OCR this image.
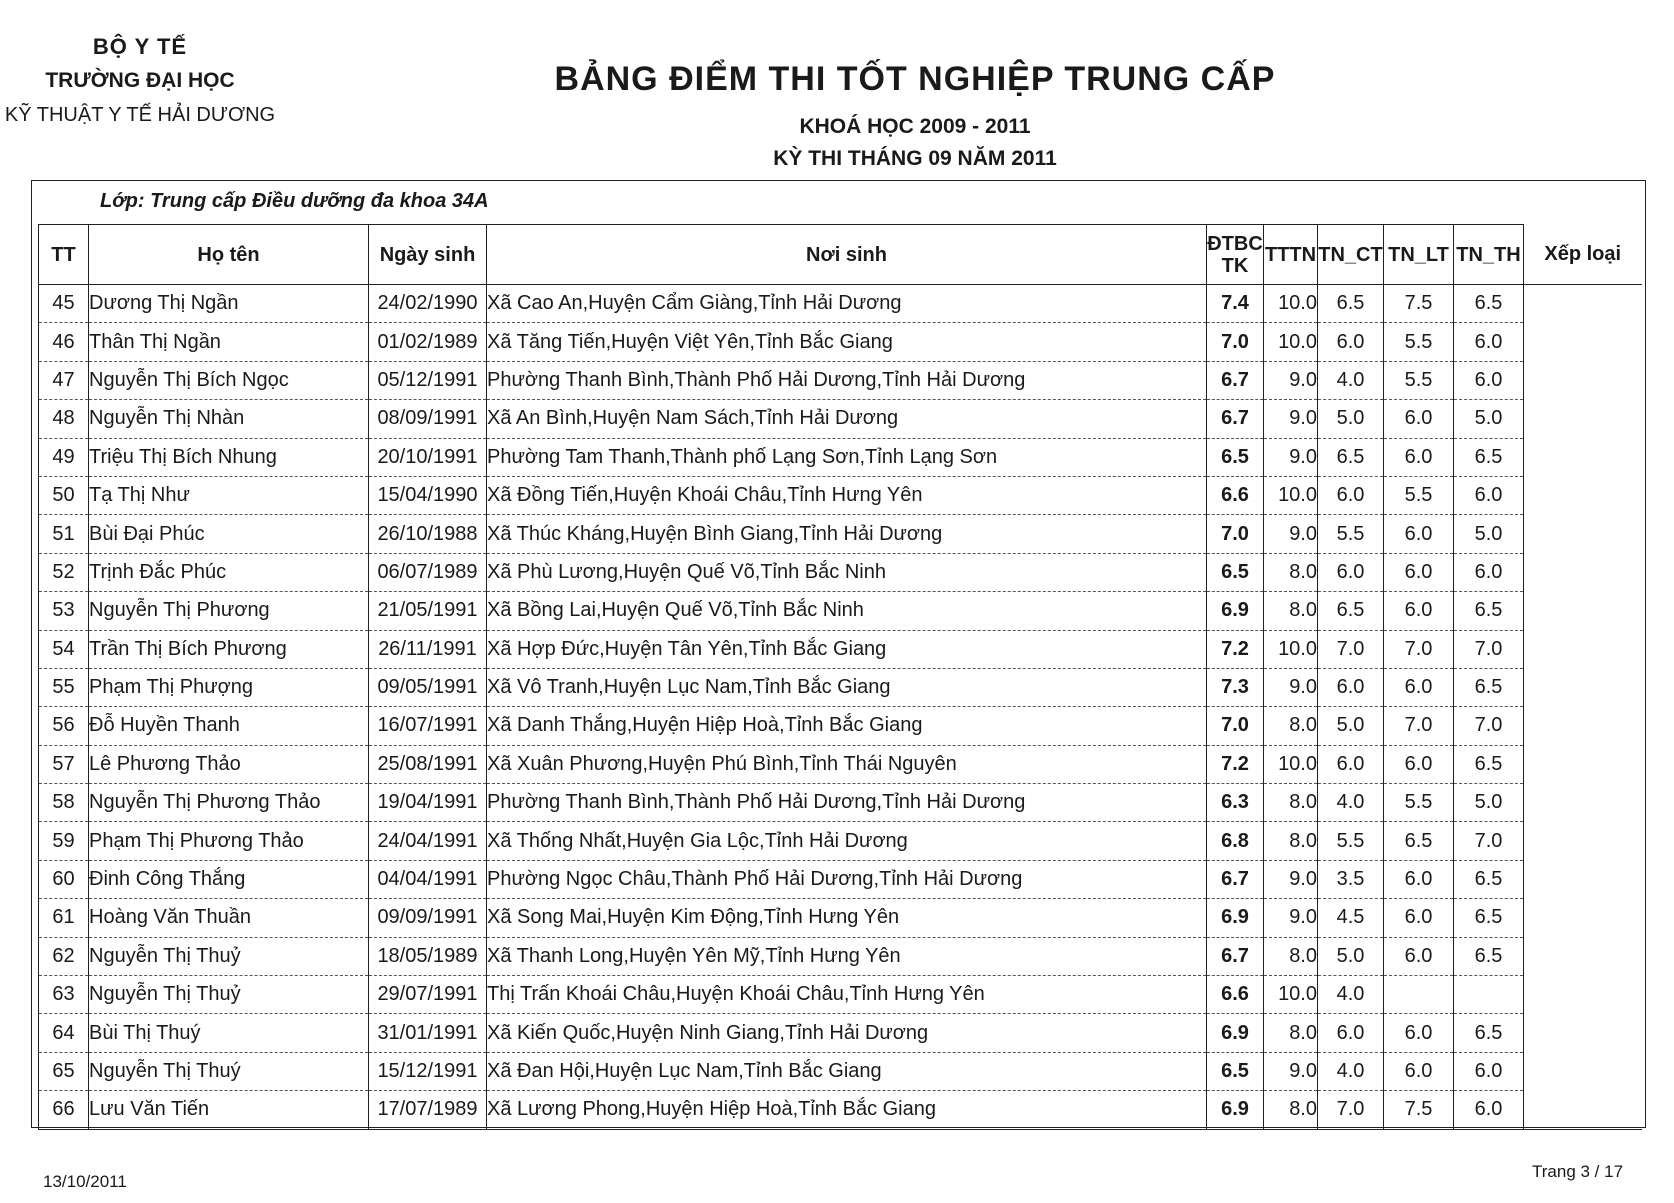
BỘ Y TẾ
TRƯỜNG ĐẠI HỌC
KỸ THUẬT Y TẾ HẢI DƯƠNG
BẢNG ĐIỂM THI TỐT NGHIỆP TRUNG CẤP
KHOÁ HỌC 2009 - 2011
KỲ THI THÁNG 09 NĂM 2011
Lớp: Trung cấp Điều dưỡng đa khoa 34A
TT	Họ tên	Ngày sinh	Nơi sinh	ĐTBC
TK	TTTN	TN_CT	TN_LT	TN_TH	Xếp loại
45	Dương Thị Ngần	24/02/1990	Xã Cao An,Huyện Cẩm Giàng,Tỉnh Hải Dương	7.4	10.0	6.5	7.5	6.5	
46	Thân Thị Ngần	01/02/1989	Xã Tăng Tiến,Huyện Việt Yên,Tỉnh Bắc Giang	7.0	10.0	6.0	5.5	6.0	
47	Nguyễn Thị Bích Ngọc	05/12/1991	Phường Thanh Bình,Thành Phố Hải Dương,Tỉnh Hải Dương	6.7	9.0	4.0	5.5	6.0	
48	Nguyễn Thị Nhàn	08/09/1991	Xã An Bình,Huyện Nam Sách,Tỉnh Hải Dương	6.7	9.0	5.0	6.0	5.0	
49	Triệu Thị Bích Nhung	20/10/1991	Phường Tam Thanh,Thành phố Lạng Sơn,Tỉnh Lạng Sơn	6.5	9.0	6.5	6.0	6.5	
50	Tạ Thị Như	15/04/1990	Xã Đồng Tiến,Huyện Khoái Châu,Tỉnh Hưng Yên	6.6	10.0	6.0	5.5	6.0	
51	Bùi Đại Phúc	26/10/1988	Xã Thúc Kháng,Huyện Bình Giang,Tỉnh Hải Dương	7.0	9.0	5.5	6.0	5.0	
52	Trịnh Đắc Phúc	06/07/1989	Xã Phù Lương,Huyện Quế Võ,Tỉnh Bắc Ninh	6.5	8.0	6.0	6.0	6.0	
53	Nguyễn Thị Phương	21/05/1991	Xã Bồng Lai,Huyện Quế Võ,Tỉnh Bắc Ninh	6.9	8.0	6.5	6.0	6.5	
54	Trần Thị Bích Phương	26/11/1991	Xã Hợp Đức,Huyện Tân Yên,Tỉnh Bắc Giang	7.2	10.0	7.0	7.0	7.0	
55	Phạm Thị Phượng	09/05/1991	Xã Vô Tranh,Huyện Lục Nam,Tỉnh Bắc Giang	7.3	9.0	6.0	6.0	6.5	
56	Đỗ Huyền Thanh	16/07/1991	Xã Danh Thắng,Huyện Hiệp Hoà,Tỉnh Bắc Giang	7.0	8.0	5.0	7.0	7.0	
57	Lê Phương Thảo	25/08/1991	Xã Xuân Phương,Huyện Phú Bình,Tỉnh Thái Nguyên	7.2	10.0	6.0	6.0	6.5	
58	Nguyễn Thị Phương Thảo	19/04/1991	Phường Thanh Bình,Thành Phố Hải Dương,Tỉnh Hải Dương	6.3	8.0	4.0	5.5	5.0	
59	Phạm Thị Phương Thảo	24/04/1991	Xã Thống Nhất,Huyện Gia Lộc,Tỉnh Hải Dương	6.8	8.0	5.5	6.5	7.0	
60	Đinh Công Thắng	04/04/1991	Phường Ngọc Châu,Thành Phố Hải Dương,Tỉnh Hải Dương	6.7	9.0	3.5	6.0	6.5	
61	Hoàng Văn Thuần	09/09/1991	Xã Song Mai,Huyện Kim Động,Tỉnh Hưng Yên	6.9	9.0	4.5	6.0	6.5	
62	Nguyễn Thị Thuỷ	18/05/1989	Xã Thanh Long,Huyện Yên Mỹ,Tỉnh Hưng Yên	6.7	8.0	5.0	6.0	6.5	
63	Nguyễn Thị Thuỷ	29/07/1991	Thị Trấn Khoái Châu,Huyện Khoái Châu,Tỉnh Hưng Yên	6.6	10.0	4.0			
64	Bùi Thị Thuý	31/01/1991	Xã Kiến Quốc,Huyện Ninh Giang,Tỉnh Hải Dương	6.9	8.0	6.0	6.0	6.5	
65	Nguyễn Thị Thuý	15/12/1991	Xã Đan Hội,Huyện Lục Nam,Tỉnh Bắc Giang	6.5	9.0	4.0	6.0	6.0	
66	Lưu Văn Tiến	17/07/1989	Xã Lương Phong,Huyện Hiệp Hoà,Tỉnh Bắc Giang	6.9	8.0	7.0	7.5	6.0	
13/10/2011
Trang 3 / 17
